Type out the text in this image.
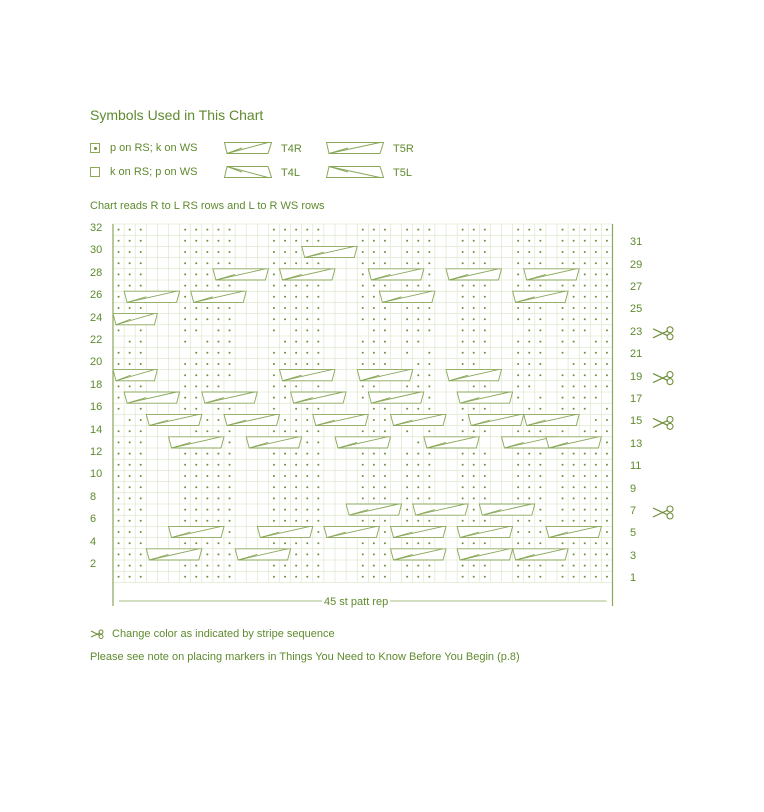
Symbols Used in This Chart
p on RS; k on WS
k on RS; p on WS
T4R
T4L
T5R
T5L
Chart reads R to L RS rows and L to R WS rows
32
30
28
26
24
22
20
18
16
14
12
10
8
6
4
2
31
29
27
25
23
21
19
17
15
13
11
9
7
5
3
1
45 st patt rep
Change color as indicated by stripe sequence
Please see note on placing markers in Things You Need to Know Before You Begin (p.8)
